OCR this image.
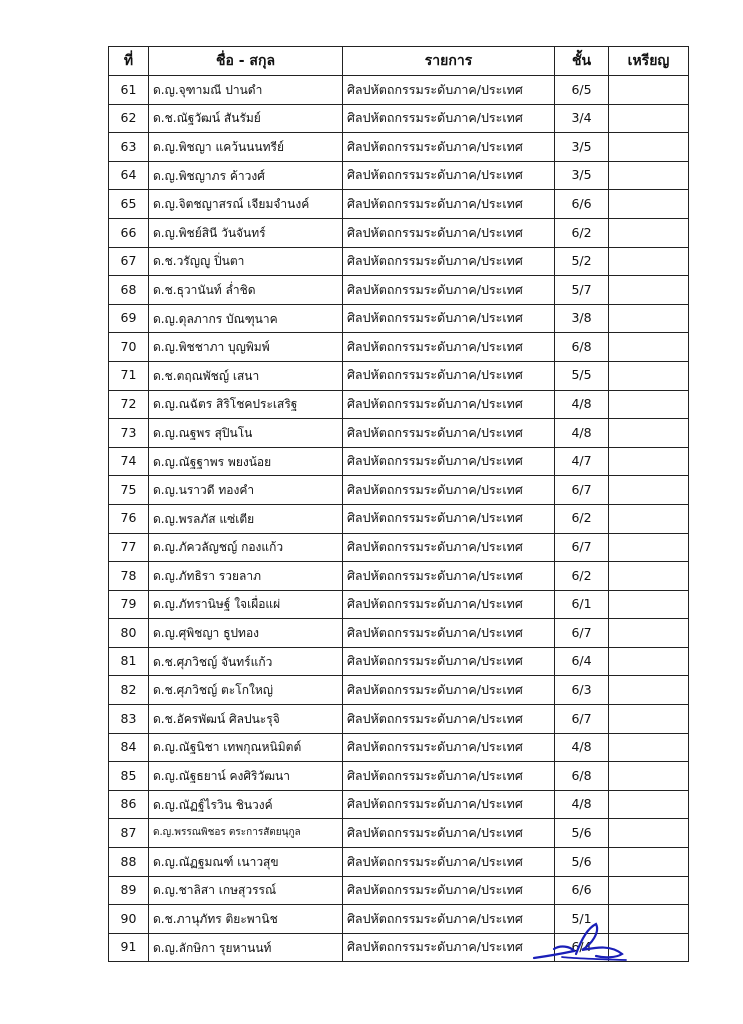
ที่	ชื่อ - สกุล	รายการ	ชั้น	เหรียญ
61	ด.ญ.จุฑามณี ปานดำ	ศิลปหัตถกรรมระดับภาค/ประเทศ	6/5	
62	ด.ช.ณัฐวัฒน์ สันรัมย์	ศิลปหัตถกรรมระดับภาค/ประเทศ	3/4	
63	ด.ญ.พิชญา แคว้นนนทรีย์	ศิลปหัตถกรรมระดับภาค/ประเทศ	3/5	
64	ด.ญ.พิชญาภร ค้าวงศ์	ศิลปหัตถกรรมระดับภาค/ประเทศ	3/5	
65	ด.ญ.จิตชญาสรณ์ เจียมจำนงค์	ศิลปหัตถกรรมระดับภาค/ประเทศ	6/6	
66	ด.ญ.พิชย์สินี วันจันทร์	ศิลปหัตถกรรมระดับภาค/ประเทศ	6/2	
67	ด.ช.วรัญญู ปิ่นตา	ศิลปหัตถกรรมระดับภาค/ประเทศ	5/2	
68	ด.ช.ธุวานันท์ ล่ำชิด	ศิลปหัตถกรรมระดับภาค/ประเทศ	5/7	
69	ด.ญ.ดุลภากร บัณฑุนาค	ศิลปหัตถกรรมระดับภาค/ประเทศ	3/8	
70	ด.ญ.พิชชาภา บุญพิมพ์	ศิลปหัตถกรรมระดับภาค/ประเทศ	6/8	
71	ด.ช.ตฤณพัชญ์ เสนา	ศิลปหัตถกรรมระดับภาค/ประเทศ	5/5	
72	ด.ญ.ณฉัตร สิริโชคประเสริฐ	ศิลปหัตถกรรมระดับภาค/ประเทศ	4/8	
73	ด.ญ.ณฐพร สุปินโน	ศิลปหัตถกรรมระดับภาค/ประเทศ	4/8	
74	ด.ญ.ณัฐฐาพร พยงน้อย	ศิลปหัตถกรรมระดับภาค/ประเทศ	4/7	
75	ด.ญ.นราวดี ทองคำ	ศิลปหัตถกรรมระดับภาค/ประเทศ	6/7	
76	ด.ญ.พรลภัส แซ่เตีย	ศิลปหัตถกรรมระดับภาค/ประเทศ	6/2	
77	ด.ญ.ภัควลัญชญ์ กองแก้ว	ศิลปหัตถกรรมระดับภาค/ประเทศ	6/7	
78	ด.ญ.ภัทธิรา รวยลาภ	ศิลปหัตถกรรมระดับภาค/ประเทศ	6/2	
79	ด.ญ.ภัทรานิษฐ์ ใจเผื่อแผ่	ศิลปหัตถกรรมระดับภาค/ประเทศ	6/1	
80	ด.ญ.ศุพิชญา ธูปทอง	ศิลปหัตถกรรมระดับภาค/ประเทศ	6/7	
81	ด.ช.ศุภวิชญ์ จันทร์แก้ว	ศิลปหัตถกรรมระดับภาค/ประเทศ	6/4	
82	ด.ช.ศุภวิชญ์ ตะโกใหญ่	ศิลปหัตถกรรมระดับภาค/ประเทศ	6/3	
83	ด.ช.อัครพัฒน์ ศิลปนะรุจิ	ศิลปหัตถกรรมระดับภาค/ประเทศ	6/7	
84	ด.ญ.ณัฐนิชา เทพกุณหนิมิตต์	ศิลปหัตถกรรมระดับภาค/ประเทศ	4/8	
85	ด.ญ.ณัฐธยาน์ คงศิริวัฒนา	ศิลปหัตถกรรมระดับภาค/ประเทศ	6/8	
86	ด.ญ.ณัฏฐ์ไรวิน ชินวงค์	ศิลปหัตถกรรมระดับภาค/ประเทศ	4/8	
87	ด.ญ.พรรณพิชอร ตระการสัตยนุกูล	ศิลปหัตถกรรมระดับภาค/ประเทศ	5/6	
88	ด.ญ.ณัฏฐมณฑ์ เนาวสุข	ศิลปหัตถกรรมระดับภาค/ประเทศ	5/6	
89	ด.ญ.ชาลิสา เกษสุวรรณ์	ศิลปหัตถกรรมระดับภาค/ประเทศ	6/6	
90	ด.ช.ภานุภัทร ติยะพานิช	ศิลปหัตถกรรมระดับภาค/ประเทศ	5/1	
91	ด.ญ.ลักษิกา รุยหานนท์	ศิลปหัตถกรรมระดับภาค/ประเทศ	6/4	
